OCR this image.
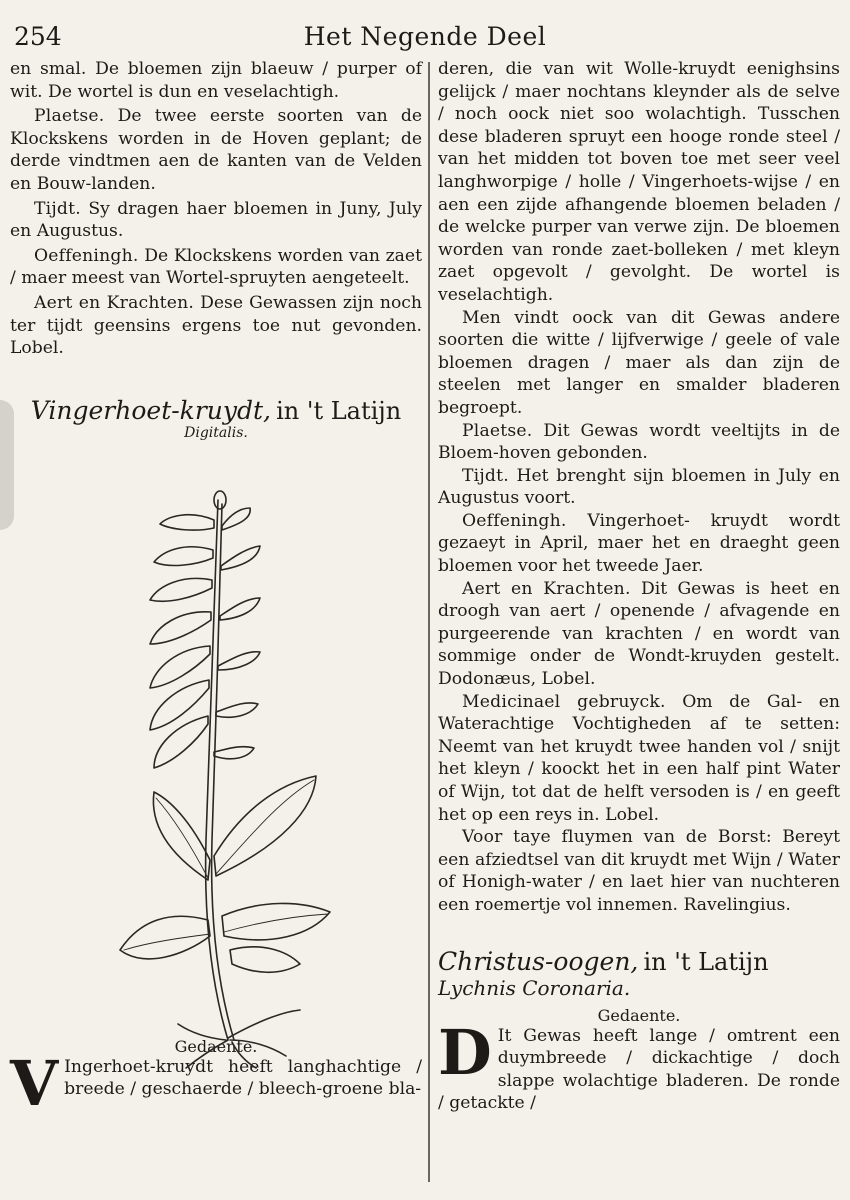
254	Het Negende Deel

en smal. De bloemen zijn blaeuw / purper of wit. De wortel is dun en veselachtigh.

Plaetse. De twee eerste soorten van de Klockskens worden in de Hoven geplant; de derde vindtmen aen de kanten van de Velden en Bouw-landen.

Tijdt. Sy dragen haer bloemen in Juny, July en Augustus.

Oeffeningh. De Klockskens worden van zaet / maer meest van Wortel-spruyten aengeteelt.

Aert en Krachten. Dese Gewassen zijn noch ter tijdt geensins ergens toe nut gevonden. Lobel.

Vingerhoet-kruydt, in 't Latijn

Digitalis.

Gedaente.

V Ingerhoet-kruydt heeft langhachtige / breede / geschaerde / bleech-groene bla-

deren, die van wit Wolle-kruydt eenighsins gelijck / maer nochtans kleynder als de selve / noch oock niet soo wolachtigh. Tusschen dese bladeren spruyt een hooge ronde steel / van het midden tot boven toe met seer veel langhworpige / holle / Vingerhoets-wijse / en aen een zijde afhangende bloemen beladen / de welcke purper van verwe zijn. De bloemen worden van ronde zaet-bolleken / met kleyn zaet opgevolt / gevolght. De wortel is veselachtigh.

Men vindt oock van dit Gewas andere soorten die witte / lijfverwige / geele of vale bloemen dragen / maer als dan zijn de steelen met langer en smalder bladeren begroept.

Plaetse. Dit Gewas wordt veeltijts in de Bloem-hoven gebonden.

Tijdt. Het brenght sijn bloemen in July en Augustus voort.

Oeffeningh. Vingerhoet- kruydt wordt gezaeyt in April, maer het en draeght geen bloemen voor het tweede Jaer.

Aert en Krachten. Dit Gewas is heet en droogh van aert / openende / afvagende en purgeerende van krachten / en wordt van sommige onder de Wondt-kruyden gestelt. Dodonæus, Lobel.

Medicinael gebruyck. Om de Gal- en Waterachtige Vochtigheden af te setten: Neemt van het kruydt twee handen vol / snijt het kleyn / koockt het in een half pint Water of Wijn, tot dat de helft versoden is / en geeft het op een reys in. Lobel.

Voor taye fluymen van de Borst: Bereyt een afziedtsel van dit kruydt met Wijn / Water of Honigh-water / en laet hier van nuchteren een roemertje vol innemen. Ravelingius.

Christus-oogen, in 't Latijn Lychnis Coronaria.

Gedaente.

D It Gewas heeft lange / omtrent een duymbreede / dickachtige / doch slappe wolachtige bladeren. De ronde / getackte /
